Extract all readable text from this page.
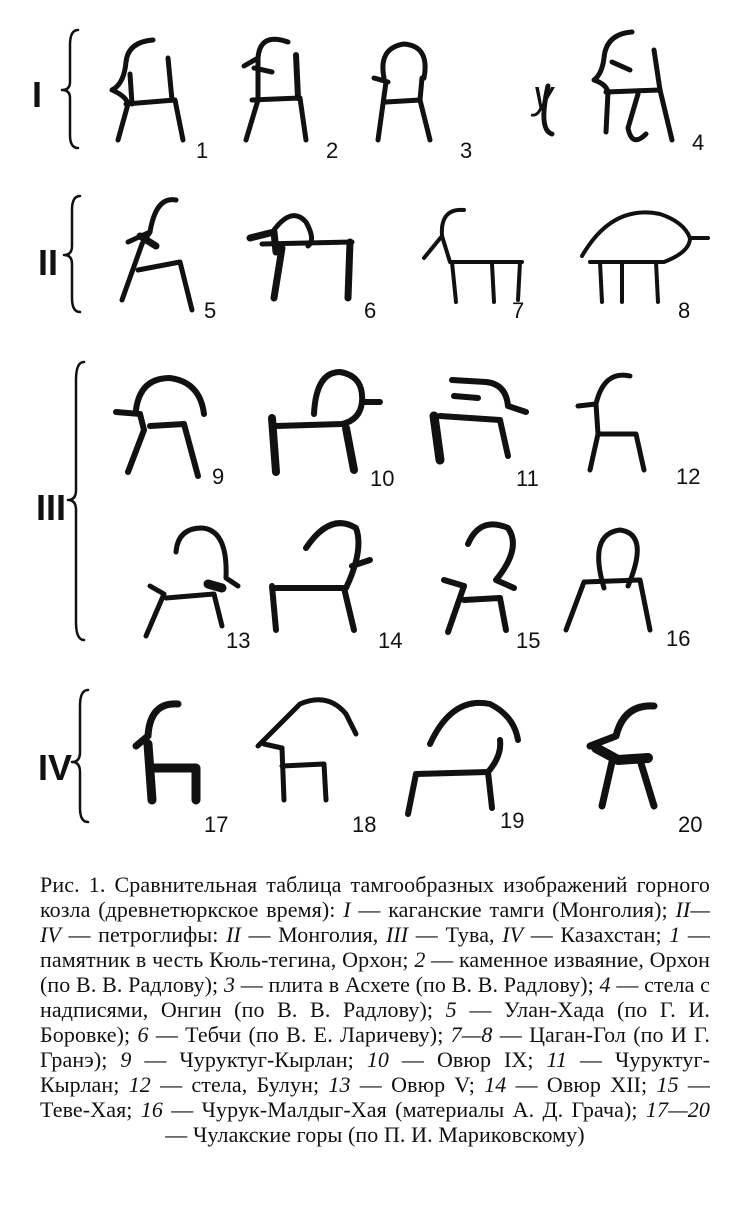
I	у
II
III
IV
1	2	3	4
5	6	7	8
9	10	11	12
13	14	15	16
17	18	19	20

Рис. 1. Сравнительная таблица тамгообразных изображений горного козла (древнетюркское время): I — каганские тамги (Монголия); II—IV — петроглифы: II — Монголия, III — Тува, IV — Казахстан; 1 — памятник в честь Кюль-тегина, Орхон; 2 — каменное изваяние, Орхон (по В. В. Радлову); 3 — плита в Асхете (по В. В. Радлову); 4 — стела с надписями, Онгин (по В. В. Радлову); 5 — Улан-Хада (по Г. И. Боровке); 6 — Тебчи (по В. Е. Ларичеву); 7—8 — Цаган-Гол (по И Г. Гранэ); 9 — Чуруктуг-Кырлан; 10 — Овюр IX; 11 — Чуруктуг-Кырлан; 12 — стела, Булун; 13 — Овюр V; 14 — Овюр XII; 15 — Теве-Хая; 16 — Чурук-Малдыг-Хая (материалы А. Д. Грача); 17—20 — Чулакские горы (по П. И. Мариковскому)
